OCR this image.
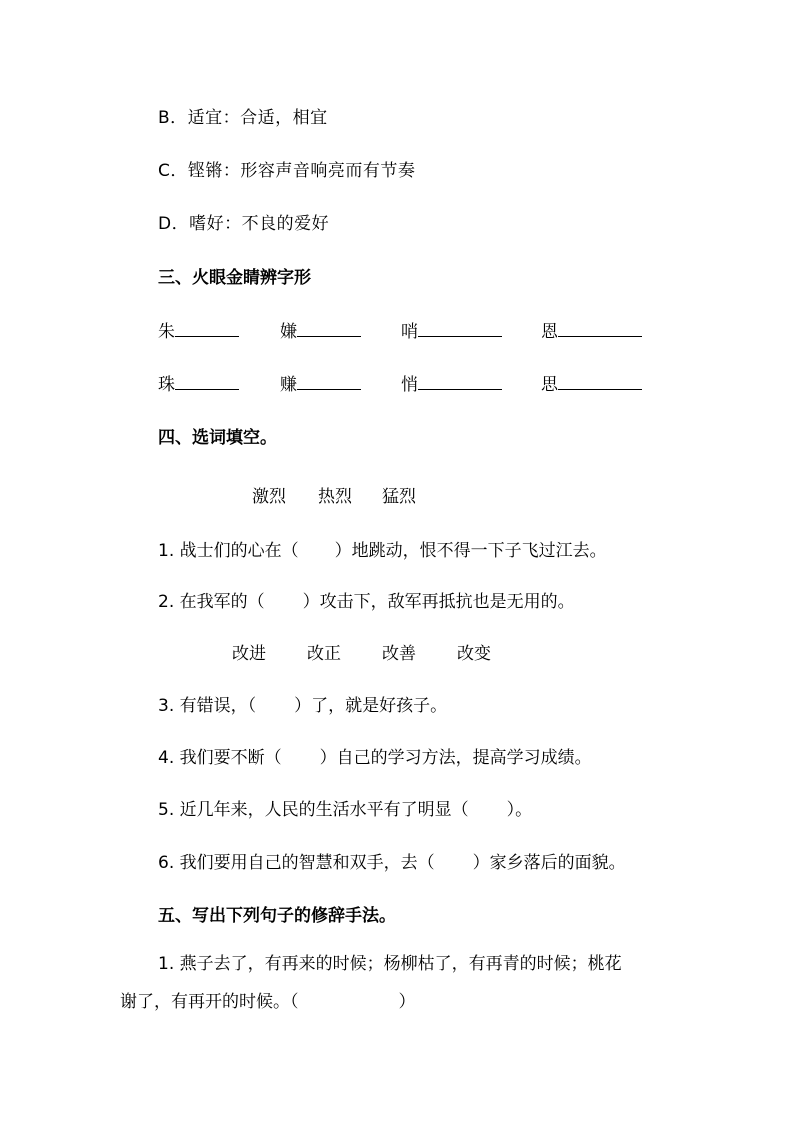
B．适宜：合适，相宜
C．铿锵：形容声音响亮而有节奏
D．嗜好：不良的爱好
三、火眼金睛辨字形
朱	嫌	哨	恩
珠	赚	悄	思
四、选词填空。
激烈 热烈 猛烈
1. 战士们的心在（ ）地跳动，恨不得一下子飞过江去。
2. 在我军的（ ）攻击下，敌军再抵抗也是无用的。
改进 改正 改善 改变
3. 有错误，（ ）了，就是好孩子。
4. 我们要不断（ ）自己的学习方法，提高学习成绩。
5. 近几年来，人民的生活水平有了明显（ ）。
6. 我们要用自己的智慧和双手，去（ ）家乡落后的面貌。
五、写出下列句子的修辞手法。
1. 燕子去了，有再来的时候；杨柳枯了，有再青的时候；桃花
谢了，有再开的时候。（	）
